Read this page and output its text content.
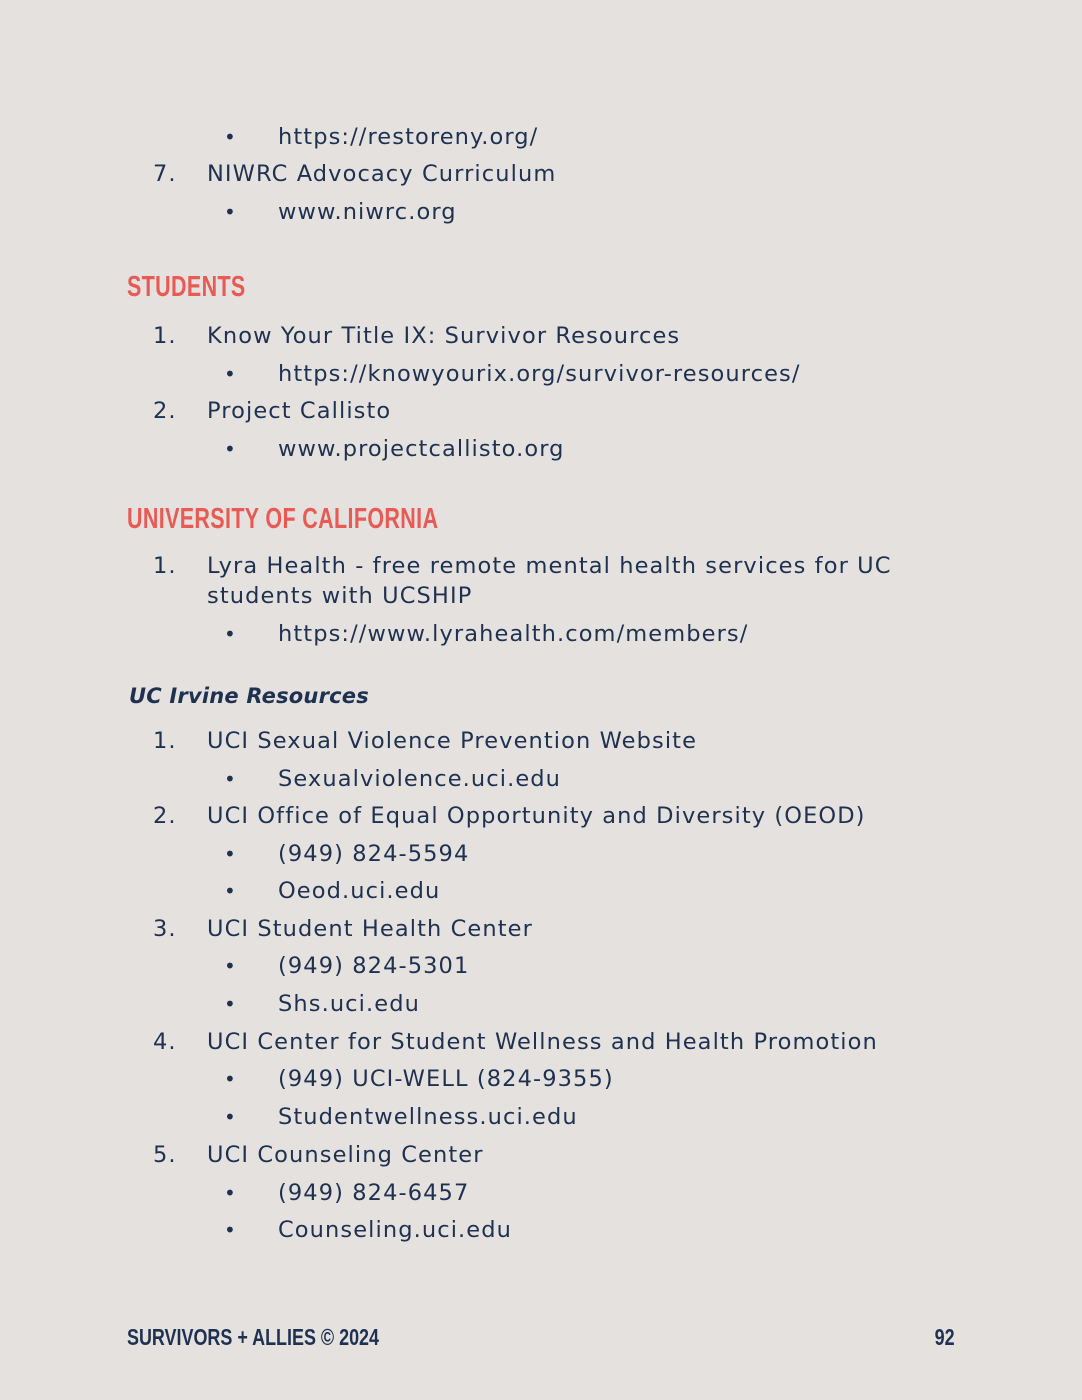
• https://restoreny.org/
7. NIWRC Advocacy Curriculum
• www.niwrc.org
STUDENTS
1. Know Your Title IX: Survivor Resources
• https://knowyourix.org/survivor-resources/
2. Project Callisto
• www.projectcallisto.org
UNIVERSITY OF CALIFORNIA
1. Lyra Health - free remote mental health services for UC
students with UCSHIP
• https://www.lyrahealth.com/members/
UC Irvine Resources
1. UCI Sexual Violence Prevention Website
• Sexualviolence.uci.edu
2. UCI Office of Equal Opportunity and Diversity (OEOD)
• (949) 824-5594
• Oeod.uci.edu
3. UCI Student Health Center
• (949) 824-5301
• Shs.uci.edu
4. UCI Center for Student Wellness and Health Promotion
• (949) UCI-WELL (824-9355)
• Studentwellness.uci.edu
5. UCI Counseling Center
• (949) 824-6457
• Counseling.uci.edu
SURVIVORS + ALLIES © 2024	92
